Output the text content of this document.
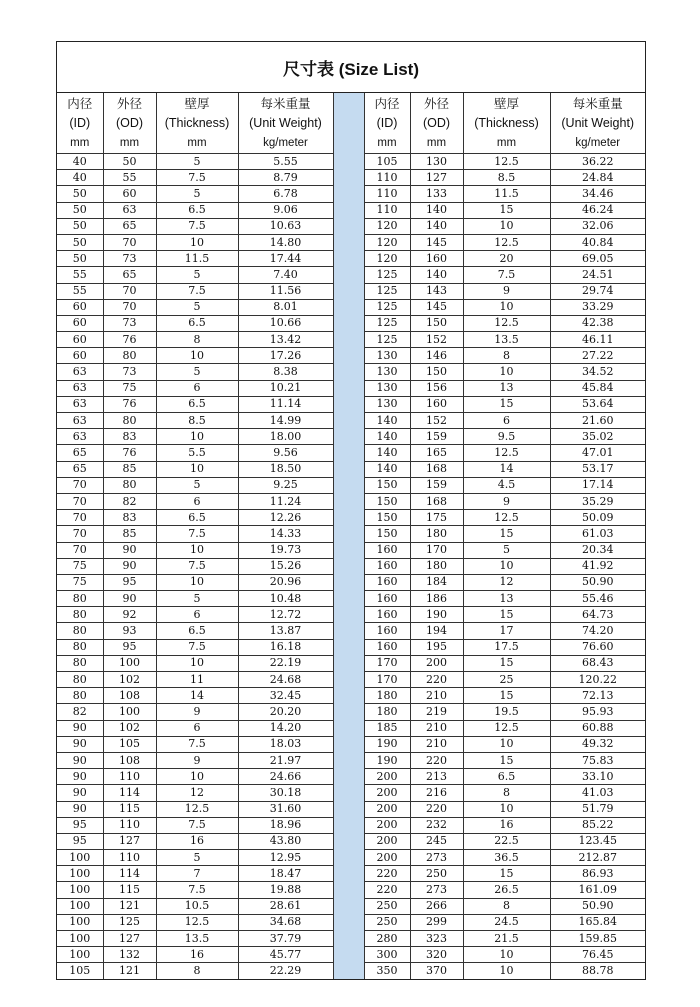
尺寸表 (Size List)
内径	外径	壁厚	每米重量		内径	外径	壁厚	每米重量
(ID)	(OD)	(Thickness)	(Unit Weight)		(ID)	(OD)	(Thickness)	(Unit Weight)
mm	mm	mm	kg/meter		mm	mm	mm	kg/meter
40	50	5	5.55		105	130	12.5	36.22
40	55	7.5	8.79		110	127	8.5	24.84
50	60	5	6.78		110	133	11.5	34.46
50	63	6.5	9.06		110	140	15	46.24
50	65	7.5	10.63		120	140	10	32.06
50	70	10	14.80		120	145	12.5	40.84
50	73	11.5	17.44		120	160	20	69.05
55	65	5	7.40		125	140	7.5	24.51
55	70	7.5	11.56		125	143	9	29.74
60	70	5	8.01		125	145	10	33.29
60	73	6.5	10.66		125	150	12.5	42.38
60	76	8	13.42		125	152	13.5	46.11
60	80	10	17.26		130	146	8	27.22
63	73	5	8.38		130	150	10	34.52
63	75	6	10.21		130	156	13	45.84
63	76	6.5	11.14		130	160	15	53.64
63	80	8.5	14.99		140	152	6	21.60
63	83	10	18.00		140	159	9.5	35.02
65	76	5.5	9.56		140	165	12.5	47.01
65	85	10	18.50		140	168	14	53.17
70	80	5	9.25		150	159	4.5	17.14
70	82	6	11.24		150	168	9	35.29
70	83	6.5	12.26		150	175	12.5	50.09
70	85	7.5	14.33		150	180	15	61.03
70	90	10	19.73		160	170	5	20.34
75	90	7.5	15.26		160	180	10	41.92
75	95	10	20.96		160	184	12	50.90
80	90	5	10.48		160	186	13	55.46
80	92	6	12.72		160	190	15	64.73
80	93	6.5	13.87		160	194	17	74.20
80	95	7.5	16.18		160	195	17.5	76.60
80	100	10	22.19		170	200	15	68.43
80	102	11	24.68		170	220	25	120.22
80	108	14	32.45		180	210	15	72.13
82	100	9	20.20		180	219	19.5	95.93
90	102	6	14.20		185	210	12.5	60.88
90	105	7.5	18.03		190	210	10	49.32
90	108	9	21.97		190	220	15	75.83
90	110	10	24.66		200	213	6.5	33.10
90	114	12	30.18		200	216	8	41.03
90	115	12.5	31.60		200	220	10	51.79
95	110	7.5	18.96		200	232	16	85.22
95	127	16	43.80		200	245	22.5	123.45
100	110	5	12.95		200	273	36.5	212.87
100	114	7	18.47		220	250	15	86.93
100	115	7.5	19.88		220	273	26.5	161.09
100	121	10.5	28.61		250	266	8	50.90
100	125	12.5	34.68		250	299	24.5	165.84
100	127	13.5	37.79		280	323	21.5	159.85
100	132	16	45.77		300	320	10	76.45
105	121	8	22.29		350	370	10	88.78
